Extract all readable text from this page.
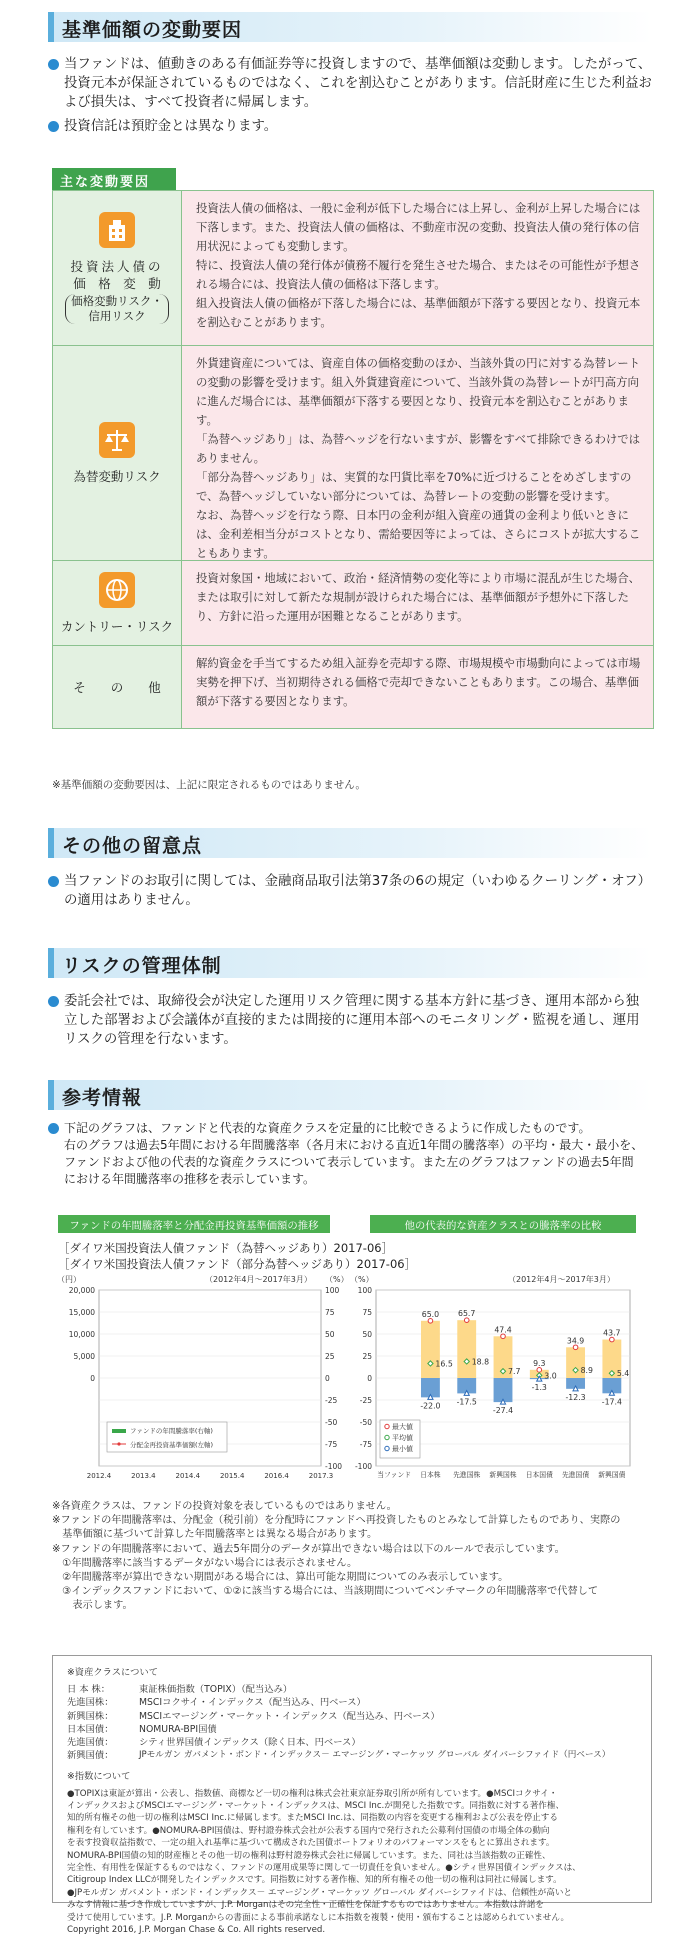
基準価額の変動要因
当ファンドは、値動きのある有価証券等に投資しますので、基準価額は変動します。したがって、投資元本が保証されているものではなく、これを割込むことがあります。信託財産に生じた利益および損失は、すべて投資者に帰属します。
投資信託は預貯金とは異なります。
主な変動要因
投資法人債の
価　格　変　動
価格変動リスク・信用リスク
投資法人債の価格は、一般に金利が低下した場合には上昇し、金利が上昇した場合には下落します。また、投資法人債の価格は、不動産市況の変動、投資法人債の発行体の信用状況によっても変動します。
特に、投資法人債の発行体が債務不履行を発生させた場合、またはその可能性が予想される場合には、投資法人債の価格は下落します。
組入投資法人債の価格が下落した場合には、基準価額が下落する要因となり、投資元本を割込むことがあります。
為替変動リスク
外貨建資産については、資産自体の価格変動のほか、当該外貨の円に対する為替レートの変動の影響を受けます。組入外貨建資産について、当該外貨の為替レートが円高方向に進んだ場合には、基準価額が下落する要因となり、投資元本を割込むことがあります。
「為替ヘッジあり」は、為替ヘッジを行ないますが、影響をすべて排除できるわけではありません。
「部分為替ヘッジあり」は、実質的な円貨比率を70%に近づけることをめざしますので、為替ヘッジしていない部分については、為替レートの変動の影響を受けます。
なお、為替ヘッジを行なう際、日本円の金利が組入資産の通貨の金利より低いときには、金利差相当分がコストとなり、需給要因等によっては、さらにコストが拡大することもあります。
カントリー・リスク
投資対象国・地域において、政治・経済情勢の変化等により市場に混乱が生じた場合、または取引に対して新たな規制が設けられた場合には、基準価額が予想外に下落したり、方針に沿った運用が困難となることがあります。
そ　　の　　他
解約資金を手当てするため組入証券を売却する際、市場規模や市場動向によっては市場実勢を押下げ、当初期待される価格で売却できないこともあります。この場合、基準価額が下落する要因となります。
※基準価額の変動要因は、上記に限定されるものではありません。
その他の留意点
当ファンドのお取引に関しては、金融商品取引法第37条の6の規定（いわゆるクーリング・オフ）の適用はありません。
リスクの管理体制
委託会社では、取締役会が決定した運用リスク管理に関する基本方針に基づき、運用本部から独立した部署および会議体が直接的または間接的に運用本部へのモニタリング・監視を通し、運用リスクの管理を行ないます。
参考情報
下記のグラフは、ファンドと代表的な資産クラスを定量的に比較できるように作成したものです。
右のグラフは過去5年間における年間騰落率（各月末における直近1年間の騰落率）の平均・最大・最小を、
ファンドおよび他の代表的な資産クラスについて表示しています。また左のグラフはファンドの過去5年間
における年間騰落率の推移を表示しています。
ファンドの年間騰落率と分配金再投資基準価額の推移	他の代表的な資産クラスとの騰落率の比較
［ダイワ米国投資法人債ファンド（為替ヘッジあり）2017-06］
［ダイワ米国投資法人債ファンド（部分為替ヘッジあり）2017-06］
（円）	（%）
（2012年4月～2017年3月）
100
75
50
25
0
-25
-50
-75
-100
20,000
15,000
10,000
5,000
0
2012.4	2013.4	2014.4	2015.4	2016.4	2017.3
ファンドの年間騰落率(右軸)
分配金再投資基準価額(左軸)
（%）	（2012年4月～2017年3月）
100
75
50
25
0
-25
-50
-75
-100
当ファンド 日本株
65.0
16.5
-22.0
先進国株
65.7
18.8
-17.5
新興国株
47.4
7.7
-27.4
日本国債
9.3
3.0
-1.3
先進国債
34.9
8.9
-12.3
新興国債
43.7
5.4
-17.4
最大値
平均値
最小値
※各資産クラスは、ファンドの投資対象を表しているものではありません。
※ファンドの年間騰落率は、分配金（税引前）を分配時にファンドへ再投資したものとみなして計算したものであり、実際の
　基準価額に基づいて計算した年間騰落率とは異なる場合があります。
※ファンドの年間騰落率において、過去5年間分のデータが算出できない場合は以下のルールで表示しています。
　①年間騰落率に該当するデータがない場合には表示されません。
　②年間騰落率が算出できない期間がある場合には、算出可能な期間についてのみ表示しています。
　③インデックスファンドにおいて、①②に該当する場合には、当該期間についてベンチマークの年間騰落率で代替して
　　表示します。
※資産クラスについて
日 本 株：	東証株価指数（TOPIX）（配当込み）
先進国株：	MSCIコクサイ・インデックス（配当込み、円ベース）
新興国株：	MSCIエマージング・マーケット・インデックス（配当込み、円ベース）
日本国債：	NOMURA-BPI国債
先進国債：	シティ世界国債インデックス（除く日本、円ベース）
新興国債：	JPモルガン ガバメント・ボンド・インデックス－ エマージング・マーケッツ グローバル ダイバーシファイド（円ベース）
※指数について
●TOPIXは東証が算出・公表し、指数値、商標など一切の権利は株式会社東京証券取引所が所有しています。●MSCIコクサイ・
インデックスおよびMSCIエマージング・マーケット・インデックスは、MSCI Inc.が開発した指数です。同指数に対する著作権、
知的所有権その他一切の権利はMSCI Inc.に帰属します。またMSCI Inc.は、同指数の内容を変更する権利および公表を停止する
権利を有しています。●NOMURA-BPI国債は、野村證券株式会社が公表する国内で発行された公募利付国債の市場全体の動向
を表す投資収益指数で、一定の組入れ基準に基づいて構成された国債ポートフォリオのパフォーマンスをもとに算出されます。
NOMURA-BPI国債の知的財産権とその他一切の権利は野村證券株式会社に帰属しています。また、同社は当該指数の正確性、
完全性、有用性を保証するものではなく、ファンドの運用成果等に関して一切責任を負いません。●シティ世界国債インデックスは、
Citigroup Index LLCが開発したインデックスです。同指数に対する著作権、知的所有権その他一切の権利は同社に帰属します。
●JPモルガン ガバメント・ボンド・インデックス－ エマージング・マーケッツ グローバル ダイバーシファイドは、信頼性が高いと
みなす情報に基づき作成していますが、J.P. Morganはその完全性・正確性を保証するものではありません。本指数は許諾を
受けて使用しています。J.P. Morganからの書面による事前承諾なしに本指数を複製・使用・頒布することは認められていません。
Copyright 2016, J.P. Morgan Chase & Co. All rights reserved.
